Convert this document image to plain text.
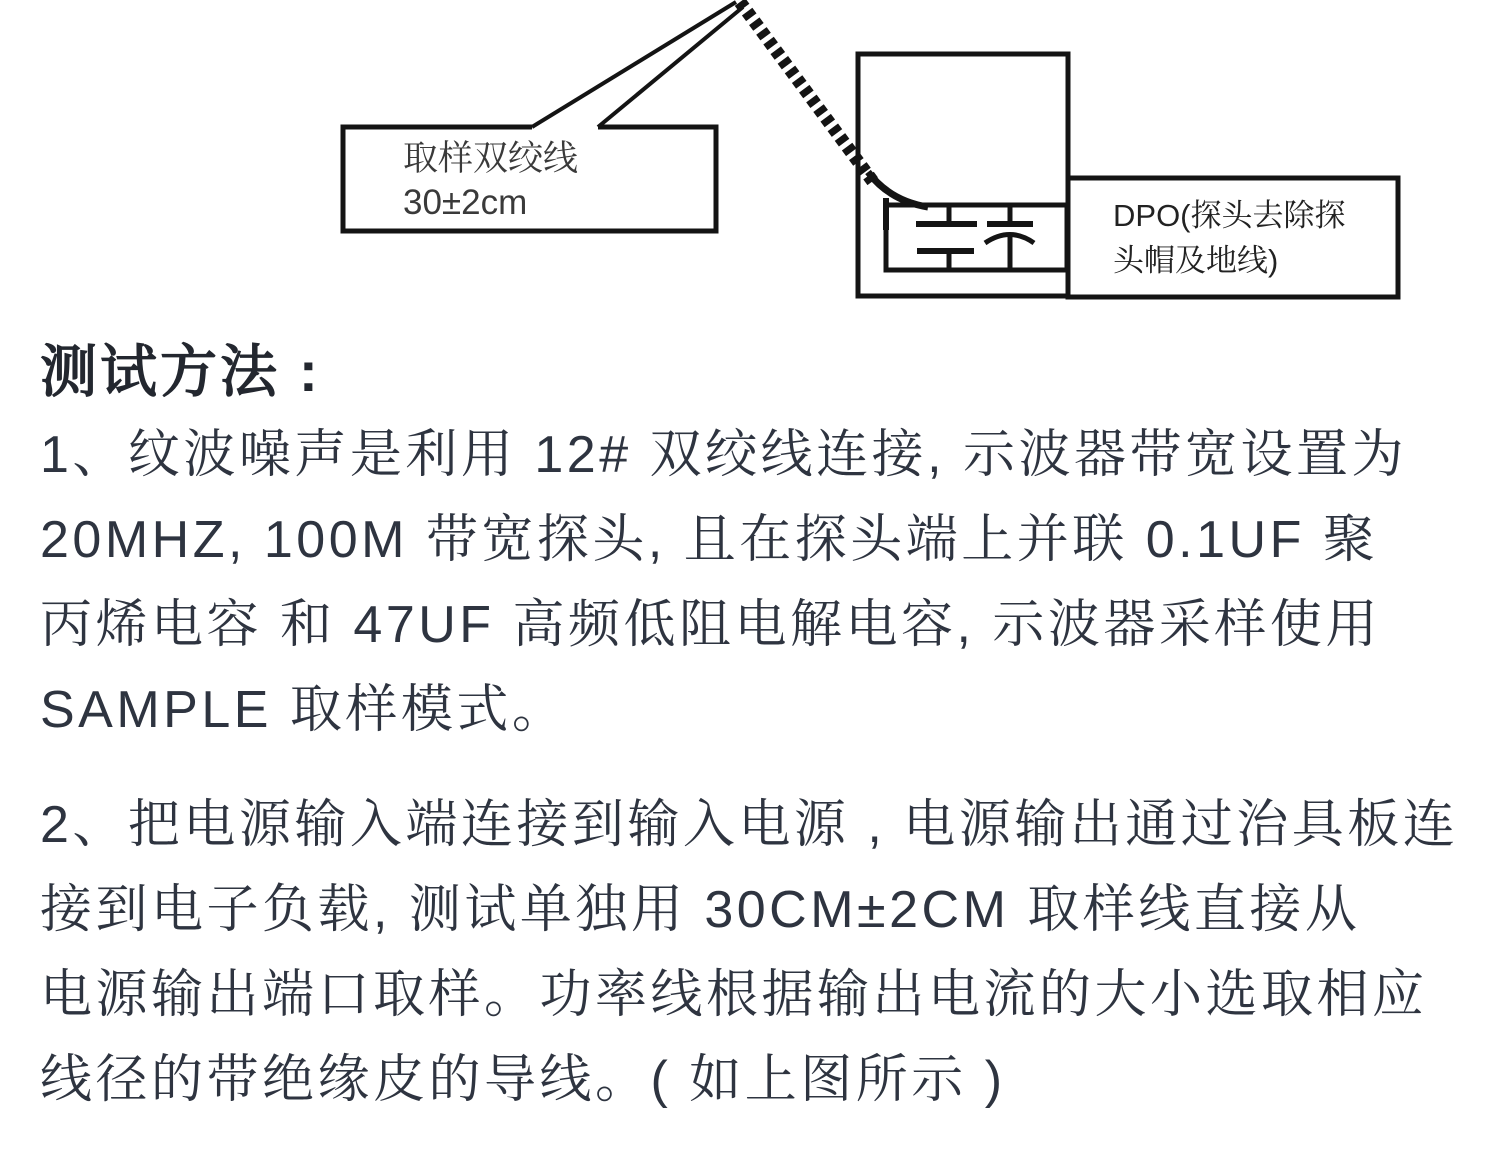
DPO(探头去除探
头帽及地线)
取样双绞线
30±2cm
测试方法 :
1、纹波噪声是利用 12# 双绞线连接, 示波器带宽设置为
20MHZ, 100M 带宽探头, 且在探头端上并联 0.1UF 聚
丙烯电容 和 47UF 高频低阻电解电容, 示波器采样使用
SAMPLE 取样模式。
2、把电源输入端连接到输入电源 , 电源输出通过治具板连
接到电子负载, 测试单独用 30CM±2CM 取样线直接从
电源输出端口取样。功率线根据输出电流的大小选取相应
线径的带绝缘皮的导线。( 如上图所示 )
